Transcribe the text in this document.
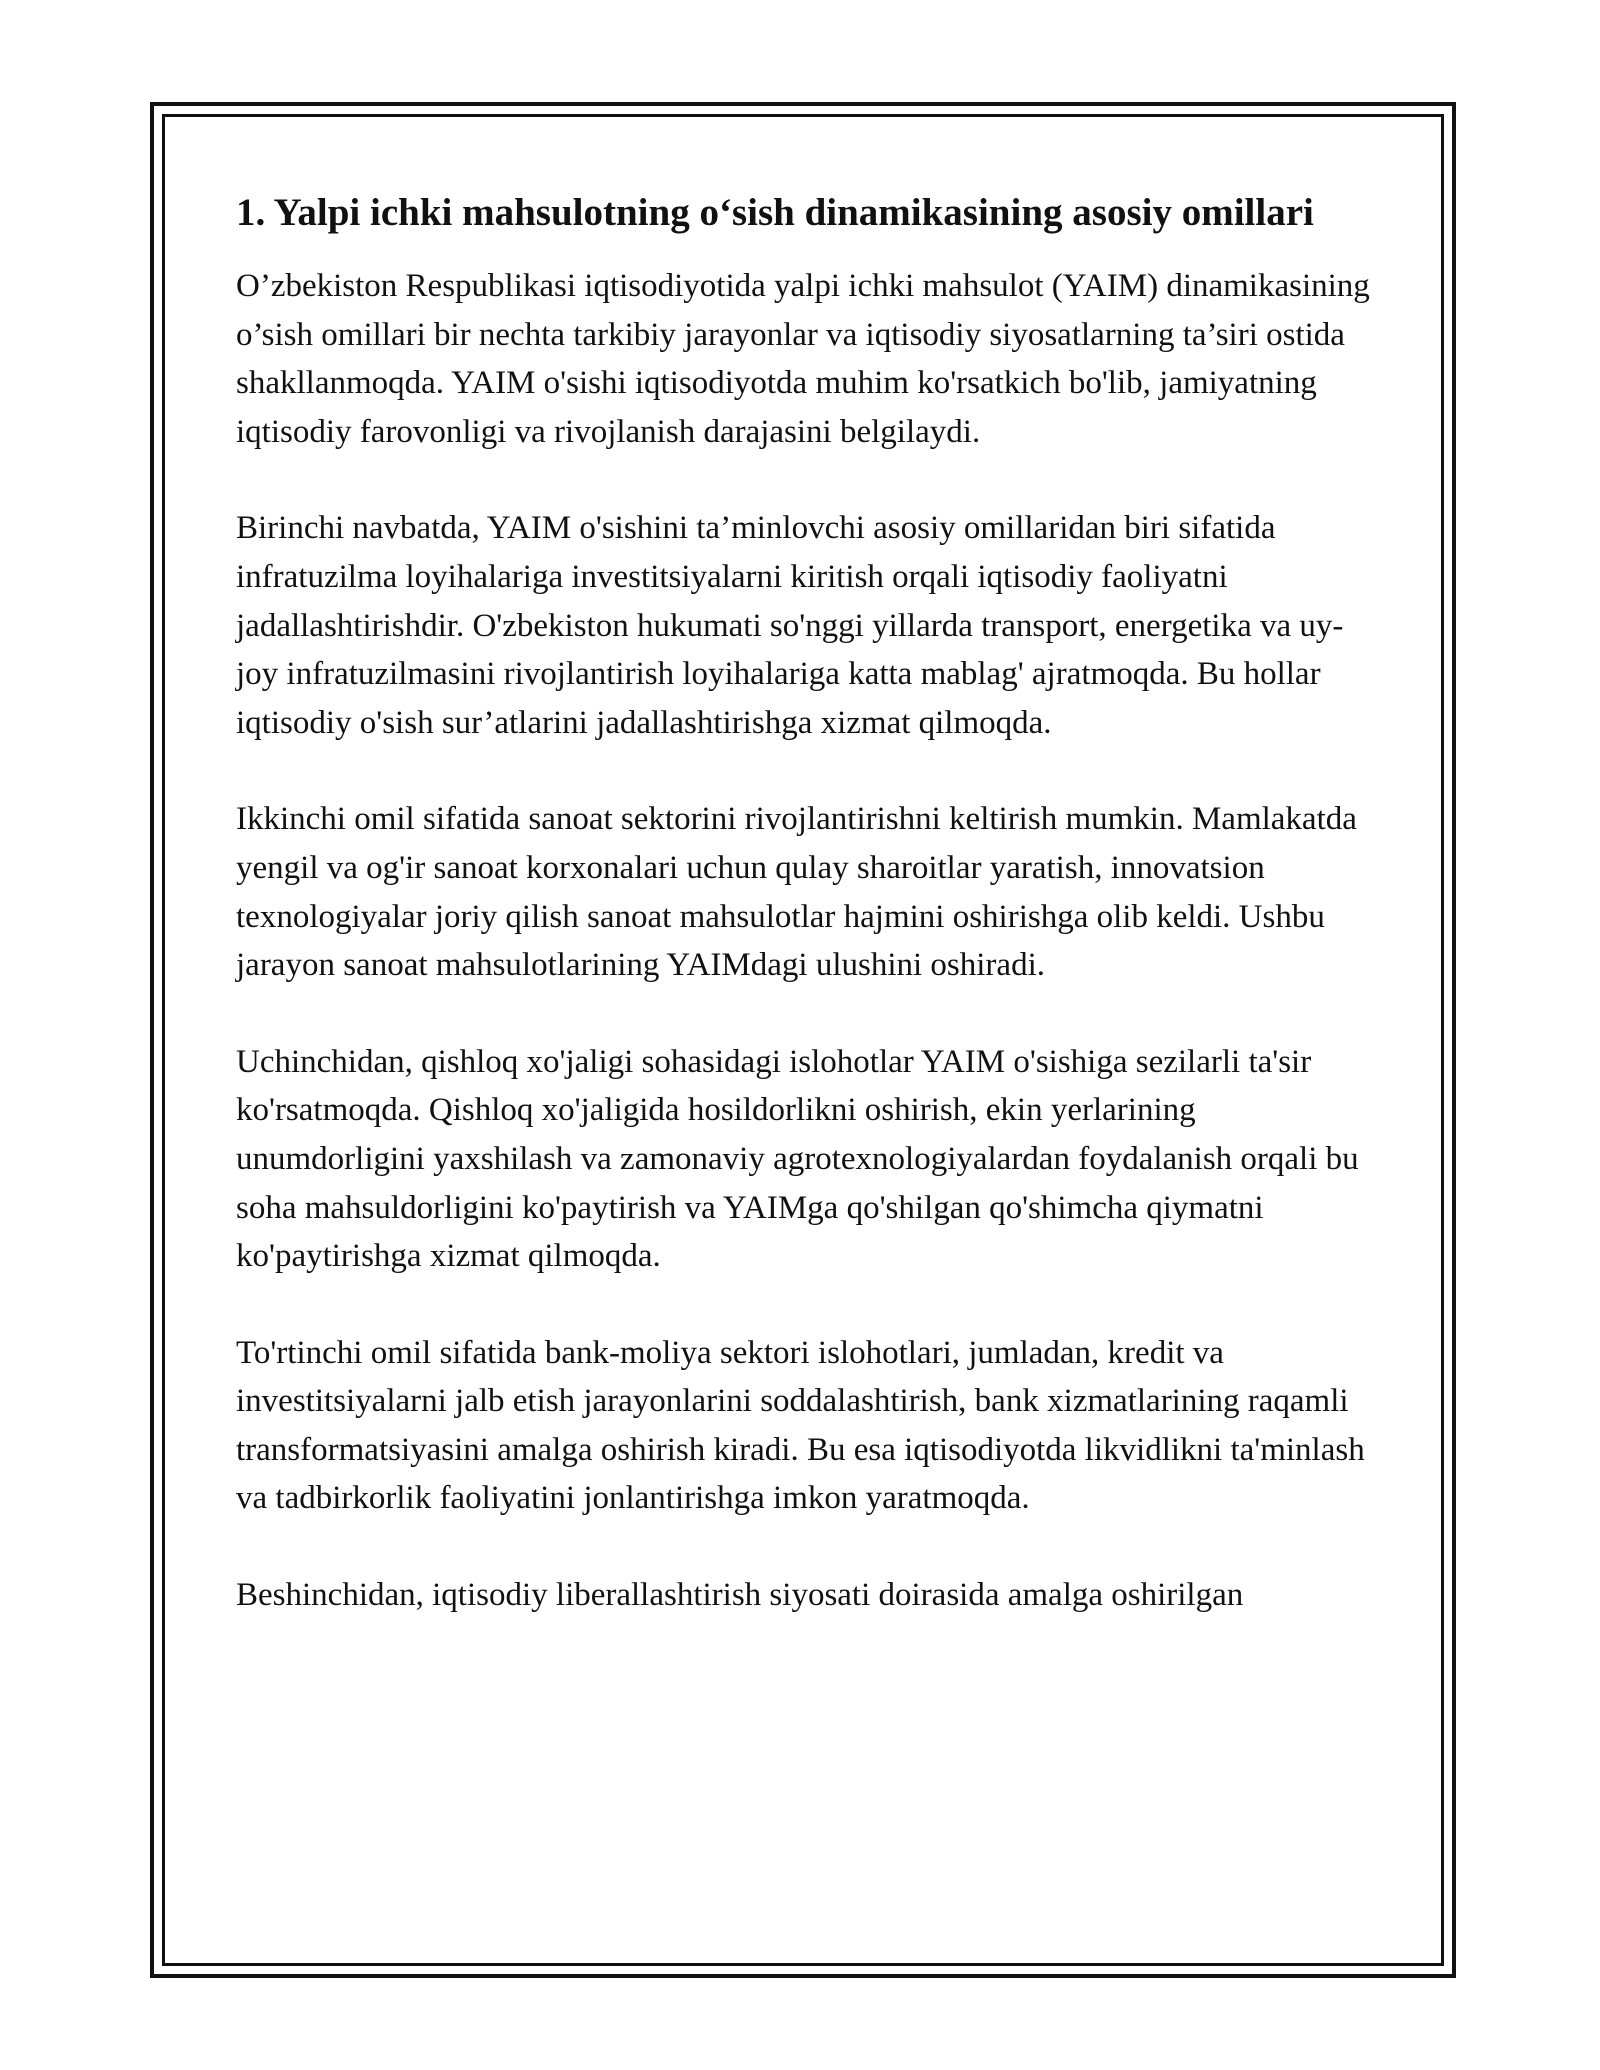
1. Yalpi ichki mahsulotning o‘sish dinamikasining asosiy omillari

O’zbekiston Respublikasi iqtisodiyotida yalpi ichki mahsulot (YAIM) dinamikasining o’sish omillari bir nechta tarkibiy jarayonlar va iqtisodiy siyosatlarning ta’siri ostida shakllanmoqda. YAIM o'sishi iqtisodiyotda muhim ko'rsatkich bo'lib, jamiyatning iqtisodiy farovonligi va rivojlanish darajasini belgilaydi.

Birinchi navbatda, YAIM o'sishini ta’minlovchi asosiy omillaridan biri sifatida infratuzilma loyihalariga investitsiyalarni kiritish orqali iqtisodiy faoliyatni jadallashtirishdir. O'zbekiston hukumati so'nggi yillarda transport, energetika va uy-joy infratuzilmasini rivojlantirish loyihalariga katta mablag' ajratmoqda. Bu hollar iqtisodiy o'sish sur’atlarini jadallashtirishga xizmat qilmoqda.

Ikkinchi omil sifatida sanoat sektorini rivojlantirishni keltirish mumkin. Mamlakatda yengil va og'ir sanoat korxonalari uchun qulay sharoitlar yaratish, innovatsion texnologiyalar joriy qilish sanoat mahsulotlar hajmini oshirishga olib keldi. Ushbu jarayon sanoat mahsulotlarining YAIMdagi ulushini oshiradi.

Uchinchidan, qishloq xo'jaligi sohasidagi islohotlar YAIM o'sishiga sezilarli ta'sir ko'rsatmoqda. Qishloq xo'jaligida hosildorlikni oshirish, ekin yerlarining unumdorligini yaxshilash va zamonaviy agrotexnologiyalardan foydalanish orqali bu soha mahsuldorligini ko'paytirish va YAIMga qo'shilgan qo'shimcha qiymatni ko'paytirishga xizmat qilmoqda.

To'rtinchi omil sifatida bank-moliya sektori islohotlari, jumladan, kredit va investitsiyalarni jalb etish jarayonlarini soddalashtirish, bank xizmatlarining raqamli transformatsiyasini amalga oshirish kiradi. Bu esa iqtisodiyotda likvidlikni ta'minlash va tadbirkorlik faoliyatini jonlantirishga imkon yaratmoqda.

Beshinchidan, iqtisodiy liberallashtirish siyosati doirasida amalga oshirilgan
